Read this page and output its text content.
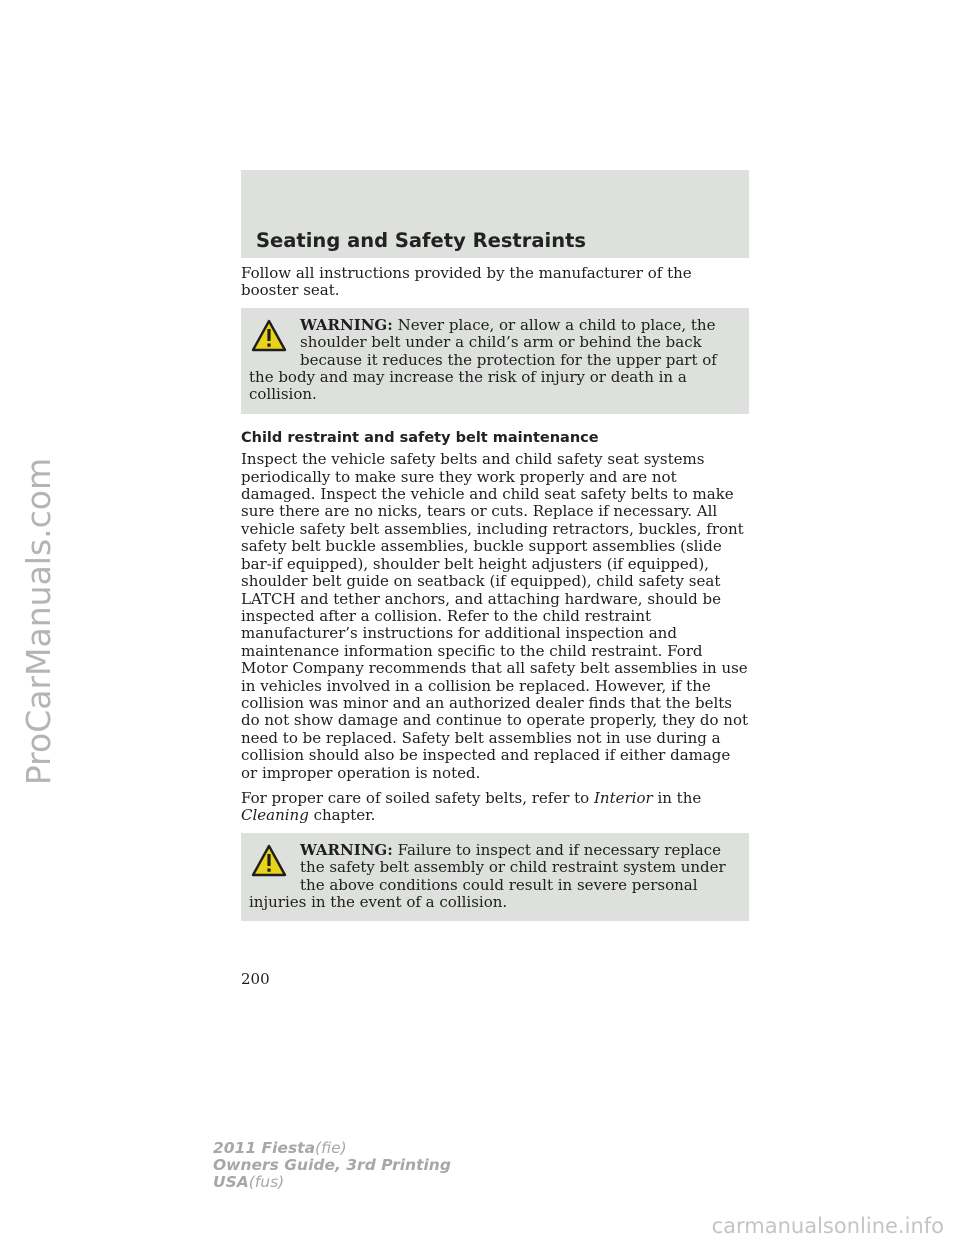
ProCarManuals.com
Seating and Safety Restraints

Follow all instructions provided by the manufacturer of the booster seat.

WARNING: Never place, or allow a child to place, the shoulder belt under a child’s arm or behind the back because it reduces the protection for the upper part of the body and may increase the risk of injury or death in a collision.
Child restraint and safety belt maintenance

Inspect the vehicle safety belts and child safety seat systems periodically to make sure they work properly and are not damaged. Inspect the vehicle and child seat safety belts to make sure there are no nicks, tears or cuts. Replace if necessary. All vehicle safety belt assemblies, including retractors, buckles, front safety belt buckle assemblies, buckle support assemblies (slide bar-if equipped), shoulder belt height adjusters (if equipped), shoulder belt guide on seatback (if equipped), child safety seat LATCH and tether anchors, and attaching hardware, should be inspected after a collision. Refer to the child restraint manufacturer’s instructions for additional inspection and maintenance information specific to the child restraint. Ford Motor Company recommends that all safety belt assemblies in use in vehicles involved in a collision be replaced. However, if the collision was minor and an authorized dealer finds that the belts do not show damage and continue to operate properly, they do not need to be replaced. Safety belt assemblies not in use during a collision should also be inspected and replaced if either damage or improper operation is noted.

For proper care of soiled safety belts, refer to Interior in the Cleaning chapter.

WARNING: Failure to inspect and if necessary replace the safety belt assembly or child restraint system under the above conditions could result in severe personal injuries in the event of a collision.
200
2011 Fiesta(fie)
Owners Guide, 3rd Printing
USA(fus)
carmanualsonline.info
